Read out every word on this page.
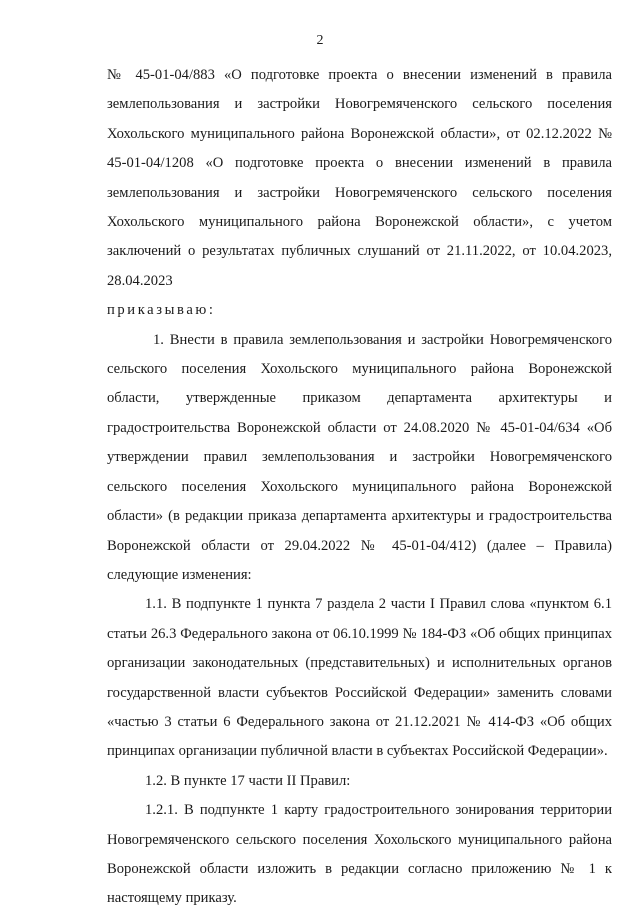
2

№ 45-01-04/883 «О подготовке проекта о внесении изменений в правила землепользования и застройки Новогремяченского сельского поселения Хохольского муниципального района Воронежской области», от 02.12.2022 № 45-01-04/1208 «О подготовке проекта о внесении изменений в правила землепользования и застройки Новогремяченского сельского поселения Хохольского муниципального района Воронежской области», с учетом заключений о результатах публичных слушаний от 21.11.2022, от 10.04.2023, 28.04.2023

приказываю:

1. Внести в правила землепользования и застройки Новогремяченского сельского поселения Хохольского муниципального района Воронежской области, утвержденные приказом департамента архитектуры и градостроительства Воронежской области от 24.08.2020 № 45-01-04/634 «Об утверждении правил землепользования и застройки Новогремяченского сельского поселения Хохольского муниципального района Воронежской области» (в редакции приказа департамента архитектуры и градостроительства Воронежской области от 29.04.2022 № 45-01-04/412) (далее – Правила) следующие изменения:

1.1. В подпункте 1 пункта 7 раздела 2 части I Правил слова «пунктом 6.1 статьи 26.3 Федерального закона от 06.10.1999 № 184-ФЗ «Об общих принципах организации законодательных (представительных) и исполнительных органов государственной власти субъектов Российской Федерации» заменить словами «частью 3 статьи 6 Федерального закона от 21.12.2021 № 414-ФЗ «Об общих принципах организации публичной власти в субъектах Российской Федерации».

1.2. В пункте 17 части II Правил:

1.2.1. В подпункте 1 карту градостроительного зонирования территории Новогремяченского сельского поселения Хохольского муниципального района Воронежской области изложить в редакции согласно приложению № 1 к настоящему приказу.
